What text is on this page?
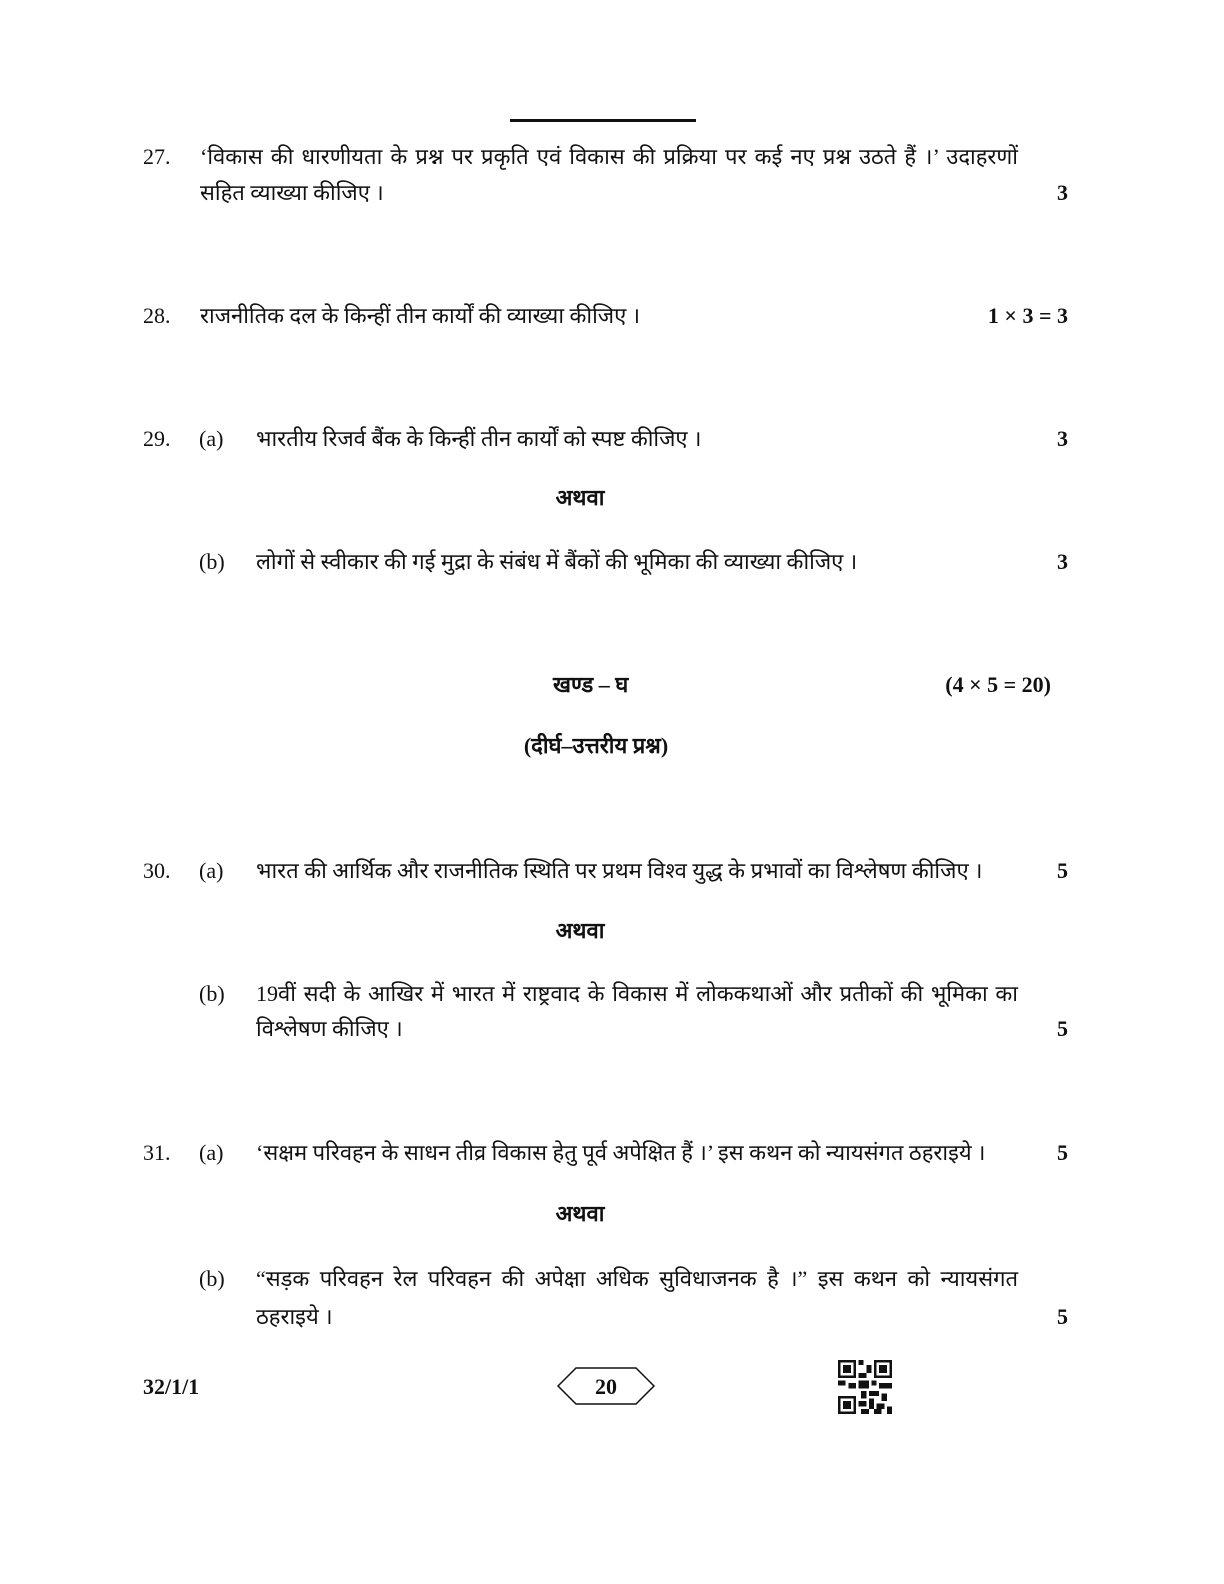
27. ‘विकास की धारणीयता के प्रश्न पर प्रकृति एवं विकास की प्रक्रिया पर कई नए प्रश्न उठते हैं ।’ उदाहरणों
सहित व्याख्या कीजिए ।	3
28. राजनीतिक दल के किन्हीं तीन कार्यों की व्याख्या कीजिए ।	1 × 3 = 3
29. (a) भारतीय रिजर्व बैंक के किन्हीं तीन कार्यों को स्पष्ट कीजिए ।	3
अथवा
(b) लोगों से स्वीकार की गई मुद्रा के संबंध में बैंकों की भूमिका की व्याख्या कीजिए ।	3
खण्ड – घ	(4 × 5 = 20)
(दीर्घ–उत्तरीय प्रश्न)
30. (a) भारत की आर्थिक और राजनीतिक स्थिति पर प्रथम विश्व युद्ध के प्रभावों का विश्लेषण कीजिए ।	5
अथवा
(b) 19वीं सदी के आखिर में भारत में राष्ट्रवाद के विकास में लोककथाओं और प्रतीकों की भूमिका का
विश्लेषण कीजिए ।	5
31. (a) ‘सक्षम परिवहन के साधन तीव्र विकास हेतु पूर्व अपेक्षित हैं ।’ इस कथन को न्यायसंगत ठहराइये ।	5
अथवा
(b) “सड़क परिवहन रेल परिवहन की अपेक्षा अधिक सुविधाजनक है ।” इस कथन को न्यायसंगत
ठहराइये ।	5
32/1/1	20
